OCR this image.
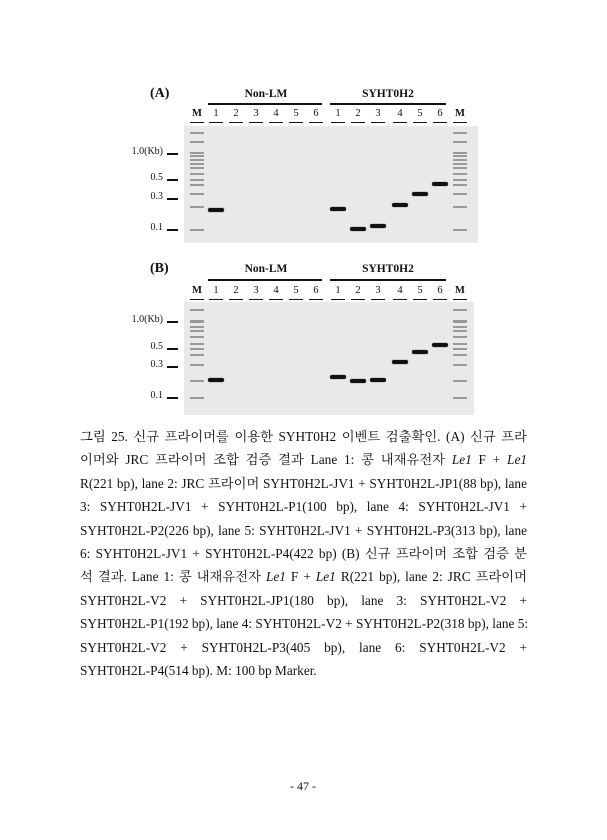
(A)	Non-LM	SYHT0H2
M	1	2	3	4	5	6	1	2	3	4	5	6	M
1.0(Kb)
0.5
0.3
0.1
(B)	Non-LM	SYHT0H2
M	1	2	3	4	5	6	1	2	3	4	5	6	M
1.0(Kb)
0.5
0.3
0.1
그림 25. 신규 프라이머를 이용한 SYHT0H2 이벤트 검출확인. (A) 신규 프라
이머와 JRC 프라이머 조합 검증 결과 Lane 1: 콩 내재유전자 Le1 F + Le1
R(221 bp), lane 2: JRC 프라이머 SYHT0H2L-JV1 + SYHT0H2L-JP1(88 bp), lane
3: SYHT0H2L-JV1 + SYHT0H2L-P1(100 bp), lane 4: SYHT0H2L-JV1 +
SYHT0H2L-P2(226 bp), lane 5: SYHT0H2L-JV1 + SYHT0H2L-P3(313 bp), lane
6: SYHT0H2L-JV1 + SYHT0H2L-P4(422 bp) (B) 신규 프라이머 조합 검증 분
석 결과. Lane 1: 콩 내재유전자 Le1 F + Le1 R(221 bp), lane 2: JRC 프라이머
SYHT0H2L-V2 + SYHT0H2L-JP1(180 bp), lane 3: SYHT0H2L-V2 +
SYHT0H2L-P1(192 bp), lane 4: SYHT0H2L-V2 + SYHT0H2L-P2(318 bp), lane 5:
SYHT0H2L-V2 + SYHT0H2L-P3(405 bp), lane 6: SYHT0H2L-V2 +
SYHT0H2L-P4(514 bp). M: 100 bp Marker.
- 47 -
